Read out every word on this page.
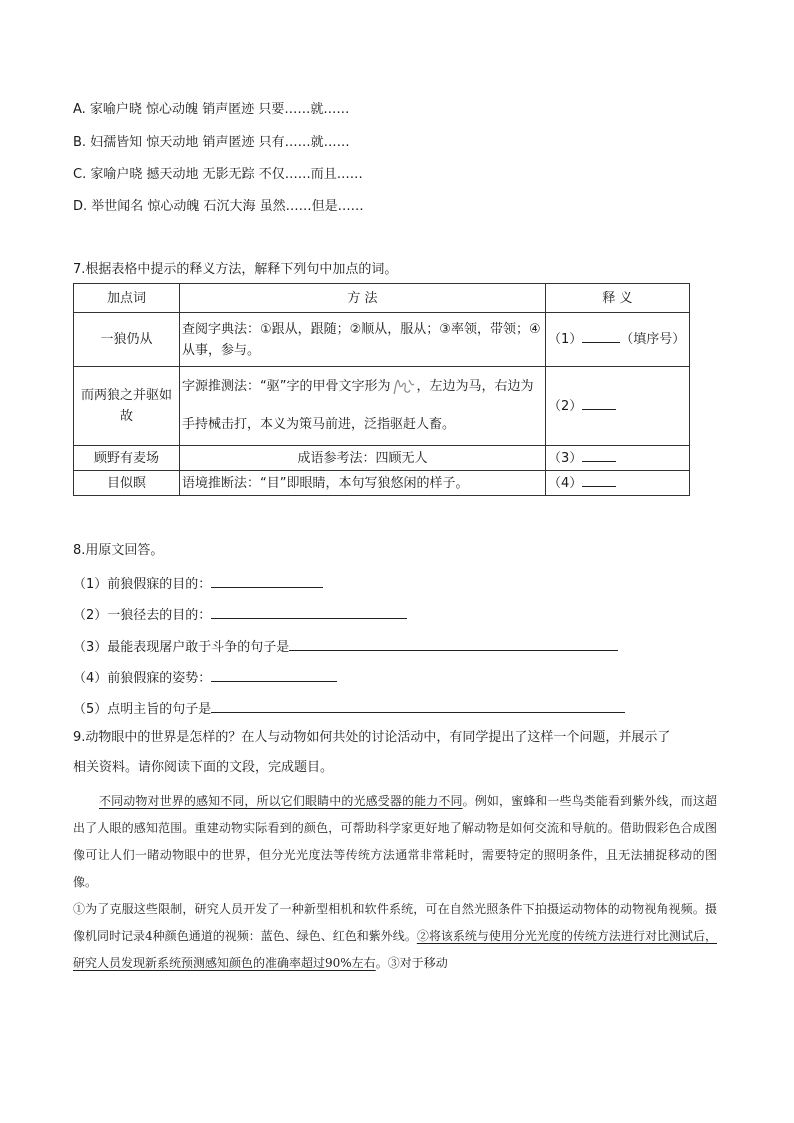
A. 家喻户晓 惊心动魄 销声匿迹 只要……就……
B. 妇孺皆知 惊天动地 销声匿迹 只有……就……
C. 家喻户晓 撼天动地 无影无踪 不仅……而且……
D. 举世闻名 惊心动魄 石沉大海 虽然……但是……
7.根据表格中提示的释义方法，解释下列句中加点的词。
加点词	方 法	释 义
一狼仍从	查阅字典法：①跟从，跟随；②顺从，服从；③率领，带领；④从事，参与。	（1） （填序号）
而两狼之并驱如故	字源推测法：“驱”字的甲骨文字形为 ，左边为马，右边为手持械击打，本义为策马前进，泛指驱赶人畜。	（2）
顾野有麦场	成语参考法：四顾无人	（3）
目似瞑	语境推断法：“目”即眼睛，本句写狼悠闲的样子。	（4）
8.用原文回答。
（1）前狼假寐的目的：
（2）一狼径去的目的：
（3）最能表现屠户敢于斗争的句子是
（4）前狼假寐的姿势：
（5）点明主旨的句子是
9.动物眼中的世界是怎样的？在人与动物如何共处的讨论活动中，有同学提出了这样一个问题，并展示了
相关资料。请你阅读下面的文段，完成题目。
不同动物对世界的感知不同，所以它们眼睛中的光感受器的能力不同。例如，蜜蜂和一些鸟类能看到紫外线，而这超出了人眼的感知范围。重建动物实际看到的颜色，可帮助科学家更好地了解动物是如何交流和导航的。借助假彩色合成图像可让人们一睹动物眼中的世界，但分光光度法等传统方法通常非常耗时，需要特定的照明条件，且无法捕捉移动的图像。
①为了克服这些限制，研究人员开发了一种新型相机和软件系统，可在自然光照条件下拍摄运动物体的动物视角视频。摄像机同时记录4种颜色通道的视频：蓝色、绿色、红色和紫外线。②将该系统与使用分光光度的传统方法进行对比测试后，研究人员发现新系统预测感知颜色的准确率超过90%左右。③对于移动
